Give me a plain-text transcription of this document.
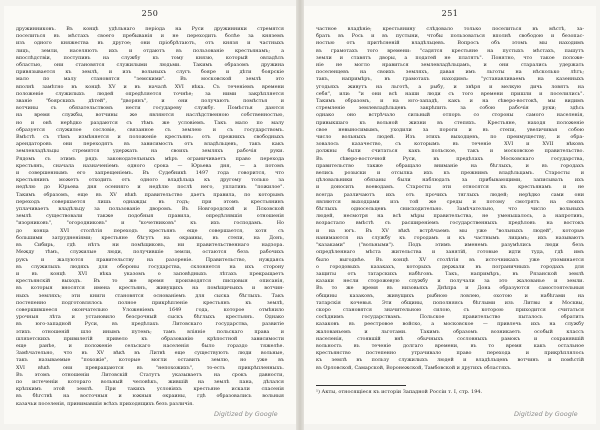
250
дружинниковъ. Въ концѣ удѣльнаго періода на Руси дружинники стремятся
поселиться въ мѣстахъ своего пребыванія и не переходить болѣе за княземъ
изъ одного княжества въ другое; они пріобрѣтаютъ, отъ князя и частныхъ
лицъ, земли, населяютъ ихъ и отдаютъ въ пользованіе крестьянамъ; а
впослѣдствіи, поступивъ на службу къ тому князю, который овладѣлъ
областью, они становятся служилыми людьми. Такимъ образомъ дружина
привязывается къ землѣ, и изъ вольныхъ слугъ бояре и дѣти боярскіе
мало по малу становятся "земскими". Въ московской землѣ это
вполнѣ замѣтно въ концѣ XV и въ началѣ XVI вѣка. Съ теченіемъ времени
положеніе служилыхъ людей опредѣляется точнѣе; за ними закрѣпляется
званіе "боярскихъ дѣтей", "дворянъ", и они получаютъ помѣстья и
вотчины съ обязательствомъ нести государеву службу. Помѣстья даются
на время службы, вотчины же являются наслѣдственною собственностью,
но и онѣ нерѣдко раздаются съ тѣмъ же условіемъ. Такъ мало по малу
образуется служилое сословіе, связанное съ землею и съ государствомъ.
Вмѣстѣ съ тѣмъ измѣняется и положеніе крестьянъ: отъ прежнихъ свободныхъ
арендаторовъ они переходятъ въ зависимость отъ владѣльцевъ, такъ какъ
землевладѣльцы стремятся удержать на своихъ земляхъ рабочія руки.
Рядомъ съ этимъ рядъ законодательныхъ мѣръ ограничиваетъ право перехода
крестьянъ, сначала назначеніемъ одного срока — Юрьева дня, — а потомъ
и совершеннымъ его запрещеніемъ. Въ Судебникѣ 1497 года говорится, что
крестьянинъ можетъ отходить отъ одного владѣльца къ другому только за
недѣлю до Юрьева дня осенняго и недѣлю послѣ него, уплативъ "пожилое".
Такимъ образомъ, еще въ XV вѣкѣ правительство даетъ правила, по которымъ
переходъ совершается лишь однажды въ годъ; при этомъ крестьянинъ
уплачиваетъ владѣльцу за пользованіе дворомъ. Въ Новгородской и Псковской
землѣ существовали также подобныя правила, опредѣлявшія отношенія
"изорниковъ", "огородниковъ" и "кочетниковъ" къ ихъ господамъ. Но
до конца XVI столѣтія переходъ крестьянъ еще совершается, хотя съ
большими затрудненіями; крестьяне бѣгутъ на окраины, въ степи, на Донъ,
въ Сибирь, гдѣ нѣтъ ни помѣщиковъ, ни правительственнаго надзора.
Между тѣмъ, служилые люди, получившіе земли, остаются безъ рабочихъ
рукъ и жалуются правительству на разореніе. Правительство, нуждаясь
въ служилыхъ людяхъ для обороны государства, склоняется на ихъ сторону
и въ концѣ XVI вѣка указомъ о заповѣдныхъ лѣтахъ прекращаетъ
крестьянскій выходъ. Въ то же время производятся писцовыя описанія,
въ которыя вносятся имена крестьянъ, живущихъ на помѣщичьихъ и вотчин-
ныхъ земляхъ; эти книги становятся основаніемъ для сыска бѣглыхъ. Такъ
постепенно подготовлялось полное прикрѣпленіе крестьянъ къ землѣ,
совершившееся окончательно Уложеніемъ 1649 года, которое отмѣнило
урочныя лѣта и установило безсрочный сыскъ бѣглыхъ крестьянъ. Однако
въ юго-западной Руси, въ предѣлахъ Литовскаго государства, развитіе
этихъ отношеній шло инымъ путемъ; тамъ вліяніе польскаго права и
шляхетскихъ привилегій привело къ образованію крѣпостной зависимости
еще ранѣе, и положеніе сельскаго населенія было гораздо тяжелѣе.
Замѣчательно, что въ XV вѣкѣ въ Литвѣ еще существуютъ люди вольные,
такъ называемые "похожіе", которые могли оставить землю, но уже въ
XVI вѣкѣ они превращаются въ "непохожихъ", то-есть прикрѣпленныхъ.
Въ этомъ отношеніи Литовскій Статутъ указываетъ на срокъ давности,
по истеченіи котораго вольный человѣкъ, жившій на землѣ пана, дѣлался
крѣпкимъ этой землѣ. При такихъ условіяхъ крестьяне искали спасенія
въ бѣгствѣ на восточныя и южныя окраины, гдѣ образовались вольныя
казачьи поселенія, принимавшія всѣхъ приходящихъ безъ различія.
Digitized by Google
251
частное владѣніе; крестьянину слѣдовало только поселиться въ мѣстѣ, за-
брать въ Рось и въ пустыни, чтобы пользоваться вполнѣ свободою и безопас-
ностью отъ притѣсненій владѣльцевъ. Вопросъ объ этомъ мы находимъ
въ грамотахъ того времени: "садятся крестьяне на пустыхъ мѣстахъ, пашутъ
земли и ставятъ дворы, а податей не платятъ". Понятно, что такое положе-
ніе не могло нравиться землевладѣльцамъ, и они старались удержать
поселенцевъ на своихъ земляхъ, давая имъ льготы на нѣсколько лѣтъ;
такъ, напримѣръ, въ грамотахъ находимъ: "устанавливаемъ на казенныхъ
угодьяхъ живутъ на льготѣ, а рыбу, и звѣря и мелкую дичь ловятъ на
себя", или: "и они всѣ наши люди съ того времени пришли и поселились".
Такимъ образомъ, и на юго-западѣ, какъ и на сѣверо-востокѣ, мы видимъ
стремленіе землевладѣльцевъ закрѣпить за собою рабочія руки; здѣсь
однако оно встрѣчало сильный отпоръ со стороны самого населенія,
привыкшаго къ вольной жизни въ степяхъ. Крестьяне, находя положеніе
свое невыносимымъ, уходили за пороги и въ степи, увеличивая собою
число вольныхъ людей. Изъ этихъ выходцевъ, по преимуществу, и обра-
зовалось казачество, съ которымъ въ теченіе XVI и XVII вѣковъ
должны были считаться какъ польское, такъ и московское правительство.
Въ сѣверо-восточной Руси, въ предѣлахъ Московскаго государства,
правительство также обращало вниманіе на бѣглыхъ, и въ городахъ
велись розыски и отсылка ихъ къ прежнимъ владѣльцамъ. Старосты и
цѣловальники обязаны были наблюдать за прибывающими, записывать ихъ
и доносить воеводамъ. Старосты эти относятся къ крестьянамъ и не
всегда различаютъ ихъ отъ прочихъ тяглыхъ людей; нерѣдко сами они
являются выходцами изъ той же среды и потому смотрятъ на своихъ
бѣглыхъ односельцевъ снисходительно. Замѣчательно, что число вольныхъ
людей, несмотря на всѣ мѣры правительства, не уменьшалось, а напротивъ,
возрастало вмѣстѣ съ расширеніемъ государственныхъ предѣловъ на востокъ
и на югъ. Въ XV вѣкѣ встрѣчаемъ мы уже "вольныхъ людей", которые
нанимаются на службу къ городамъ и къ частнымъ лицамъ; ихъ называютъ
"казаками" ("вольными"). Подъ этимъ именемъ разумѣлись люди безъ
опредѣленнаго мѣста жительства и занятій, готовые идти туда, гдѣ имъ
было выгоднѣе. Въ концѣ XV столѣтія въ источникахъ уже упоминается
о городовыхъ казакахъ, которыхъ держали въ пограничныхъ городахъ для
защиты отъ татарскихъ набѣговъ. Такъ, напримѣръ, въ Рязанской землѣ
казаки несли сторожевую службу и получали за это жалованье и земли.
Въ то же время въ низовьяхъ Днѣпра и Дона образуются самостоятельныя
общины казаковъ, живущихъ рыбною ловлею, охотою и набѣгами на
татарскія кочевья. Эти общины, пополняясь бѣглыми изъ Литвы и Москвы,
скоро становятся значительною силою, съ которою приходится считаться
сосѣднимъ государствамъ. Польское правительство пыталось обратить
казаковъ въ реестровое войско, а московское — привлечь ихъ на службу
жалованьемъ и льготами. Такимъ образомъ возникаетъ особый классъ
населенія, стоявшій внѣ обычныхъ сословныхъ рамокъ и сохранявшій
вольность въ теченіе долгаго времени, въ то время какъ остальное
крестьянство постепенно утрачивало право перехода и прикрѣплялось
къ землѣ въ пользу служилыхъ людей и владѣльцевъ вотчинъ и помѣстій
въ Орловской, Самарской, Воронежской, Тамбовской и другихъ областяхъ.
¹) Акты, относящіеся къ исторіи Западной Россіи т. I, стр. 194.
Digitized by Google
